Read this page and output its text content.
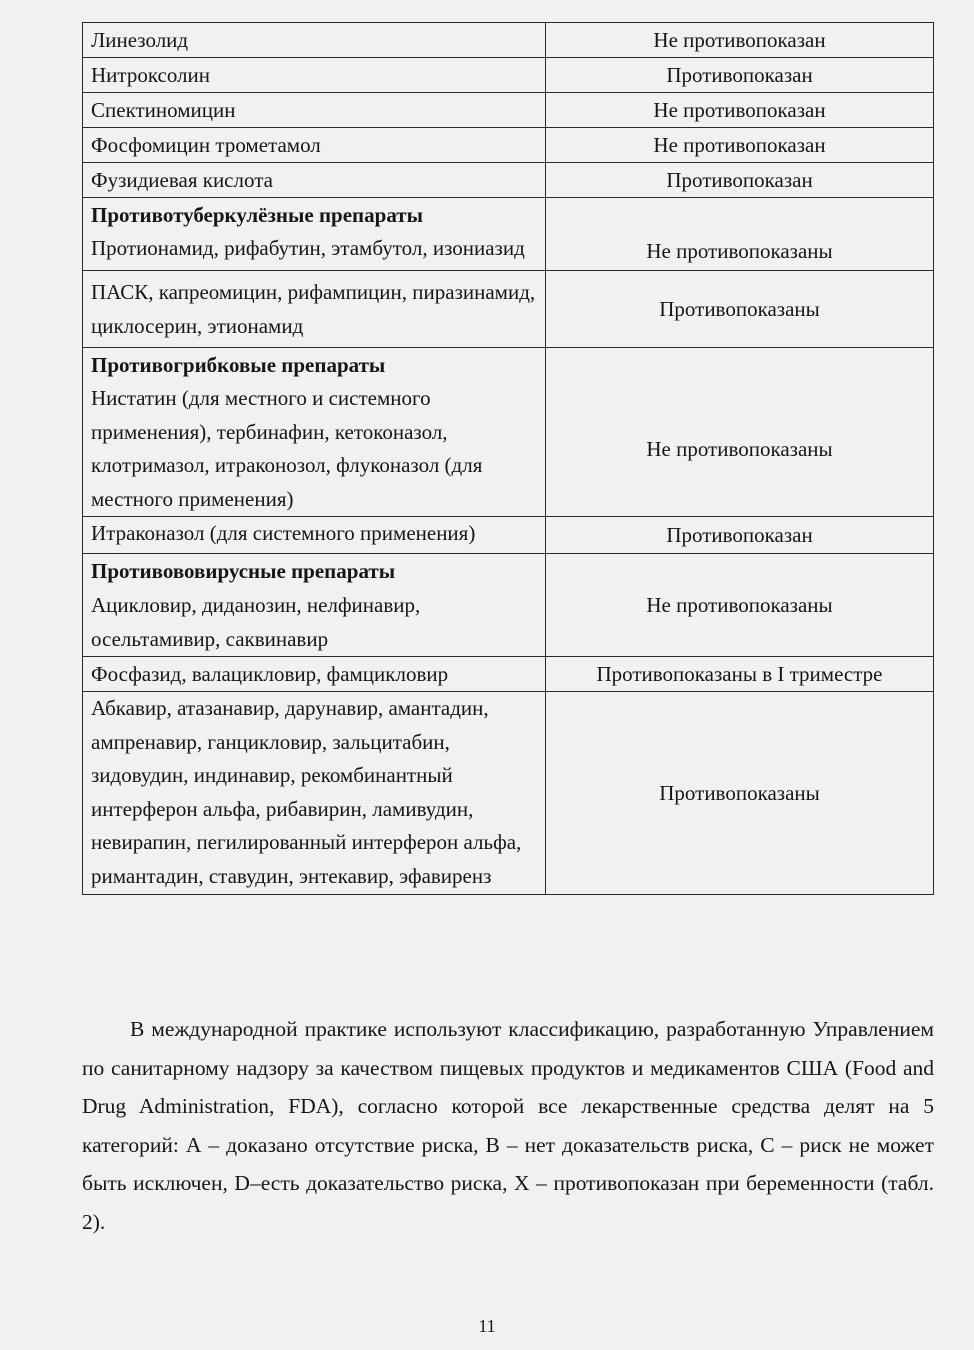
Линезолид	Не противопоказан
Нитроксолин	Противопоказан
Спектиномицин	Не противопоказан
Фосфомицин трометамол	Не противопоказан
Фузидиевая кислота	Противопоказан
Противотуберкулёзные препараты	
Протионамид, рифабутин, этамбутол, изониазид	Не противопоказаны
ПАСК, капреомицин, рифампицин, пиразинамид, циклосерин, этионамид	Противопоказаны
Противогрибковые препараты	
Нистатин (для местного и системного применения), тербинафин, кетоконазол, клотримазол, итраконозол, флуконазол (для местного применения)	Не противопоказаны
Итраконазол (для системного применения)	Противопоказан
Противововирусные препараты	
Ацикловир, диданозин, нелфинавир, осельтамивир, саквинавир	Не противопоказаны
Фосфазид, валацикловир, фамцикловир	Противопоказаны в I триместре
Абкавир, атазанавир, дарунавир, амантадин, ампренавир, ганцикловир, зальцитабин, зидовудин, индинавир, рекомбинантный интерферон альфа, рибавирин, ламивудин, невирапин, пегилированный интерферон альфа, римантадин, ставудин, энтекавир, эфавиренз	Противопоказаны

В международной практике используют классификацию, разработанную Управлением по санитарному надзору за качеством пищевых продуктов и медикаментов США (Food and Drug Administration, FDA), согласно которой все лекарственные средства делят на 5 категорий: А – доказано отсутствие риска, В – нет доказательств риска, С – риск не может быть исключен, D–есть доказательство риска, Х – противопоказан при беременности (табл. 2).

11
